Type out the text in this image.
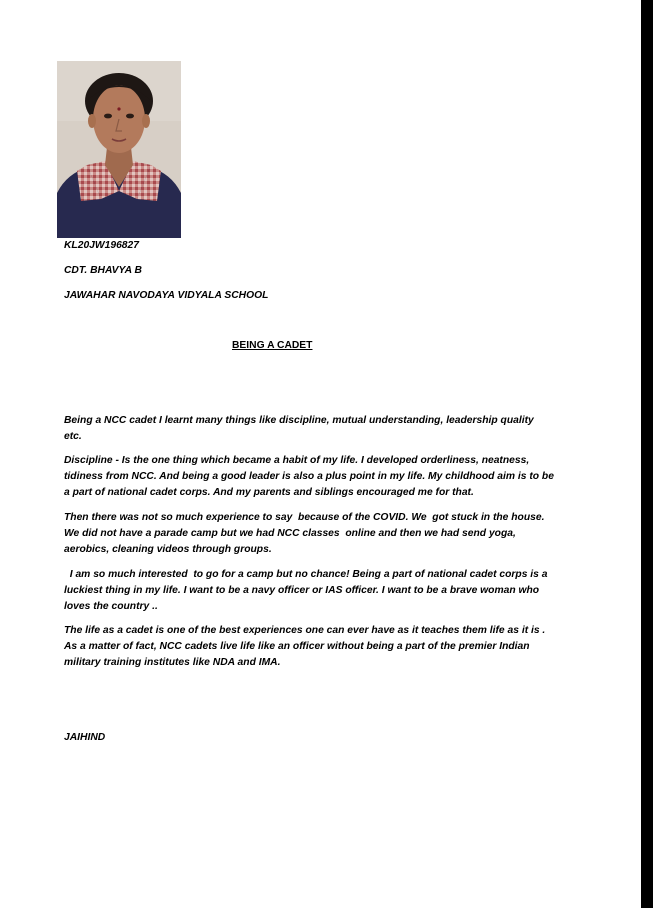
KL20JW196827
CDT. BHAVYA B
JAWAHAR NAVODAYA VIDYALA SCHOOL
BEING A CADET
Being a NCC cadet I learnt many things like discipline, mutual understanding, leadership quality
etc.
Discipline - Is the one thing which became a habit of my life. I developed orderliness, neatness,
tidiness from NCC. And being a good leader is also a plus point in my life. My childhood aim is to be
a part of national cadet corps. And my parents and siblings encouraged me for that.
Then there was not so much experience to say  because of the COVID. We  got stuck in the house.
We did not have a parade camp but we had NCC classes  online and then we had send yoga,
aerobics, cleaning videos through groups.
I am so much interested  to go for a camp but no chance! Being a part of national cadet corps is a
luckiest thing in my life. I want to be a navy officer or IAS officer. I want to be a brave woman who
loves the country ..
The life as a cadet is one of the best experiences one can ever have as it teaches them life as it is .
As a matter of fact, NCC cadets live life like an officer without being a part of the premier Indian
military training institutes like NDA and IMA.
JAIHIND
